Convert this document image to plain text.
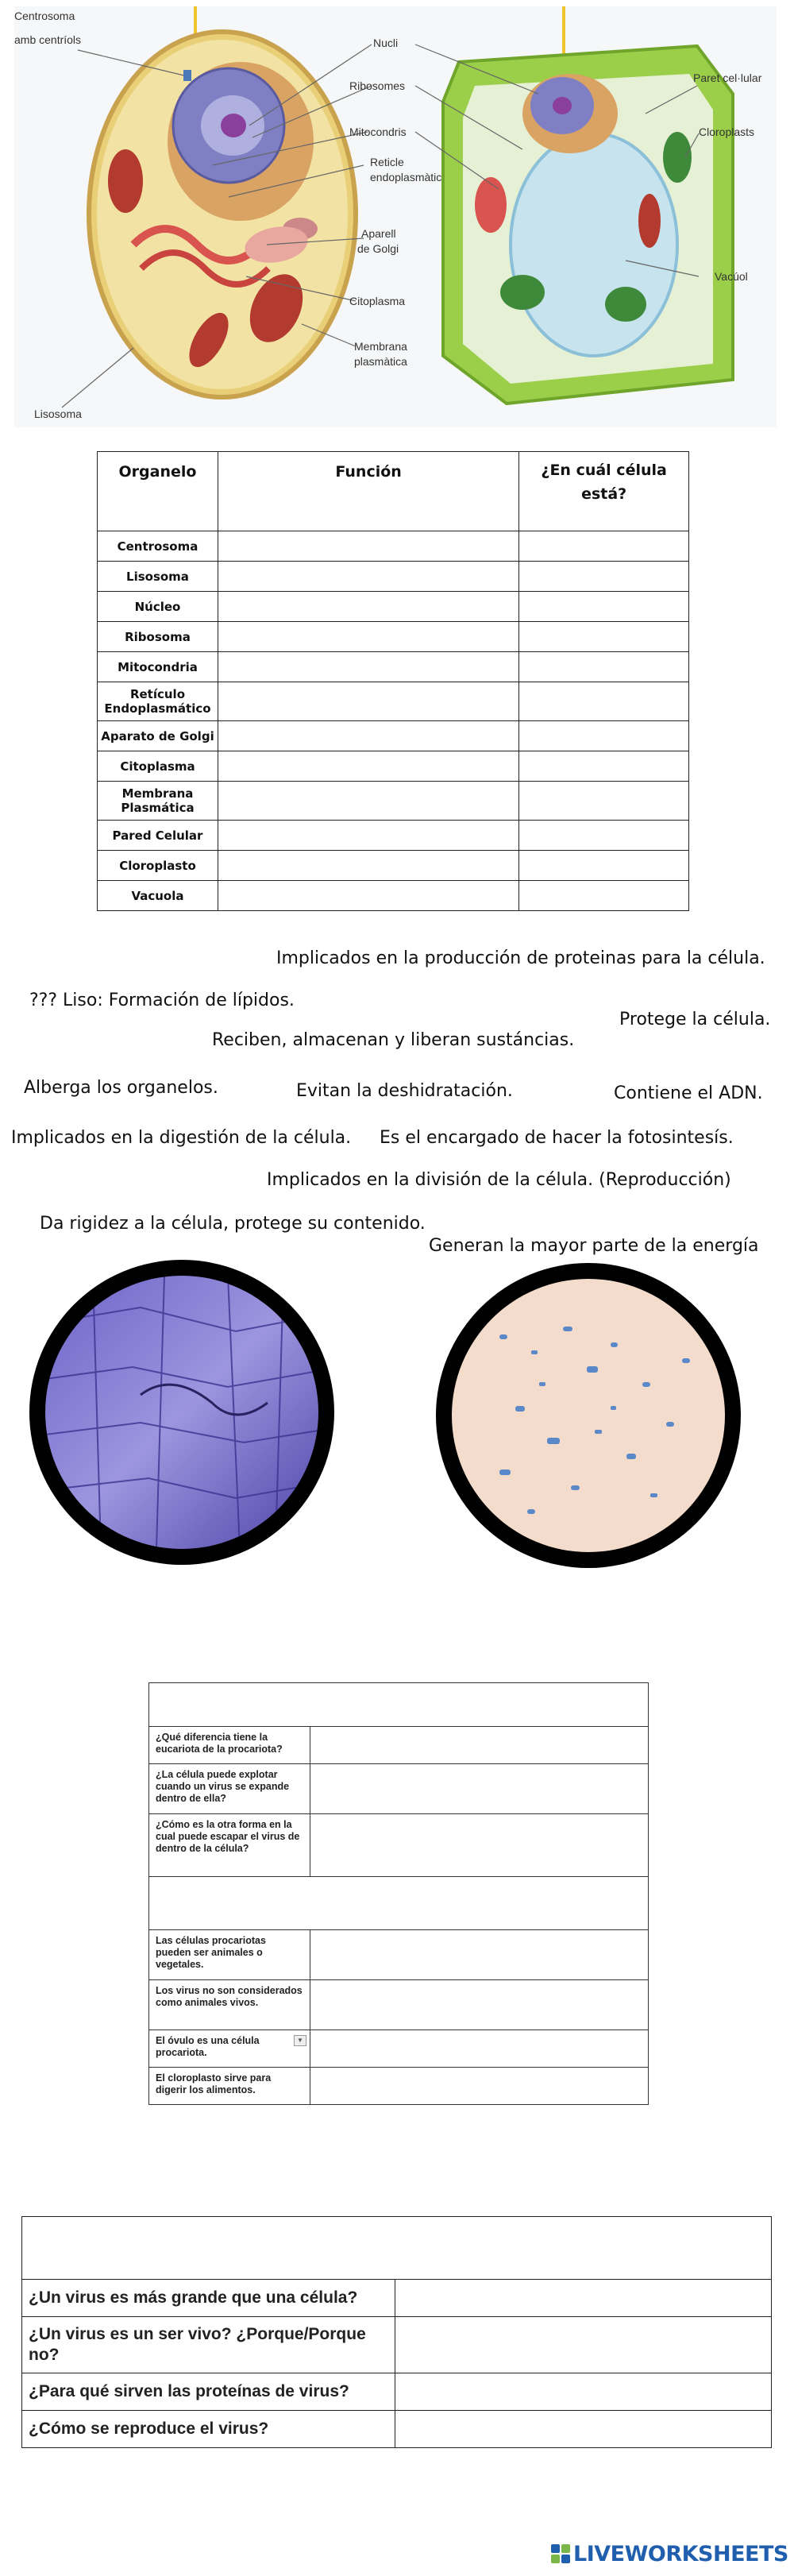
Centrosoma
amb centríols
Lisosoma
Nucli
Ribosomes
Mitocondris
Reticle
endoplasmàtic
Aparell
de Golgi
Citoplasma
Membrana
plasmàtica
Paret cel·lular
Cloroplasts
Vacúol
Organelo	Función	¿En cuál célula está?
Centrosoma		
Lisosoma		
Núcleo		
Ribosoma		
Mitocondria		
Retículo Endoplasmático		
Aparato de Golgi		
Citoplasma		
Membrana Plasmática		
Pared Celular		
Cloroplasto		
Vacuola		
Implicados en la producción de proteinas para la célula.
??? Liso: Formación de lípidos.
Protege la célula.
Reciben, almacenan y liberan sustáncias.
Alberga los organelos.	Evitan la deshidratación.	Contiene el ADN.
Implicados en la digestión de la célula. Es el encargado de hacer la fotosintesís.
Implicados en la división de la célula. (Reproducción)
Da rigidez a la célula, protege su contenido.
Generan la mayor parte de la energía

¿Qué diferencia tiene la eucariota de la procariota?	
¿La célula puede explotar cuando un virus se expande dentro de ella?	
¿Cómo es la otra forma en la cual puede escapar el virus de dentro de la célula?	

Las células procariotas pueden ser animales o vegetales.	
Los virus no son considerados como animales vivos.	
El óvulo es una célula procariota.
▼	

El cloroplasto sirve para digerir los alimentos.	

¿Un virus es más grande que una célula?	
¿Un virus es un ser vivo? ¿Porque/Porque no?	
¿Para qué sirven las proteínas de virus?	
¿Cómo se reproduce el virus?	
LIVEWORKSHEETS
